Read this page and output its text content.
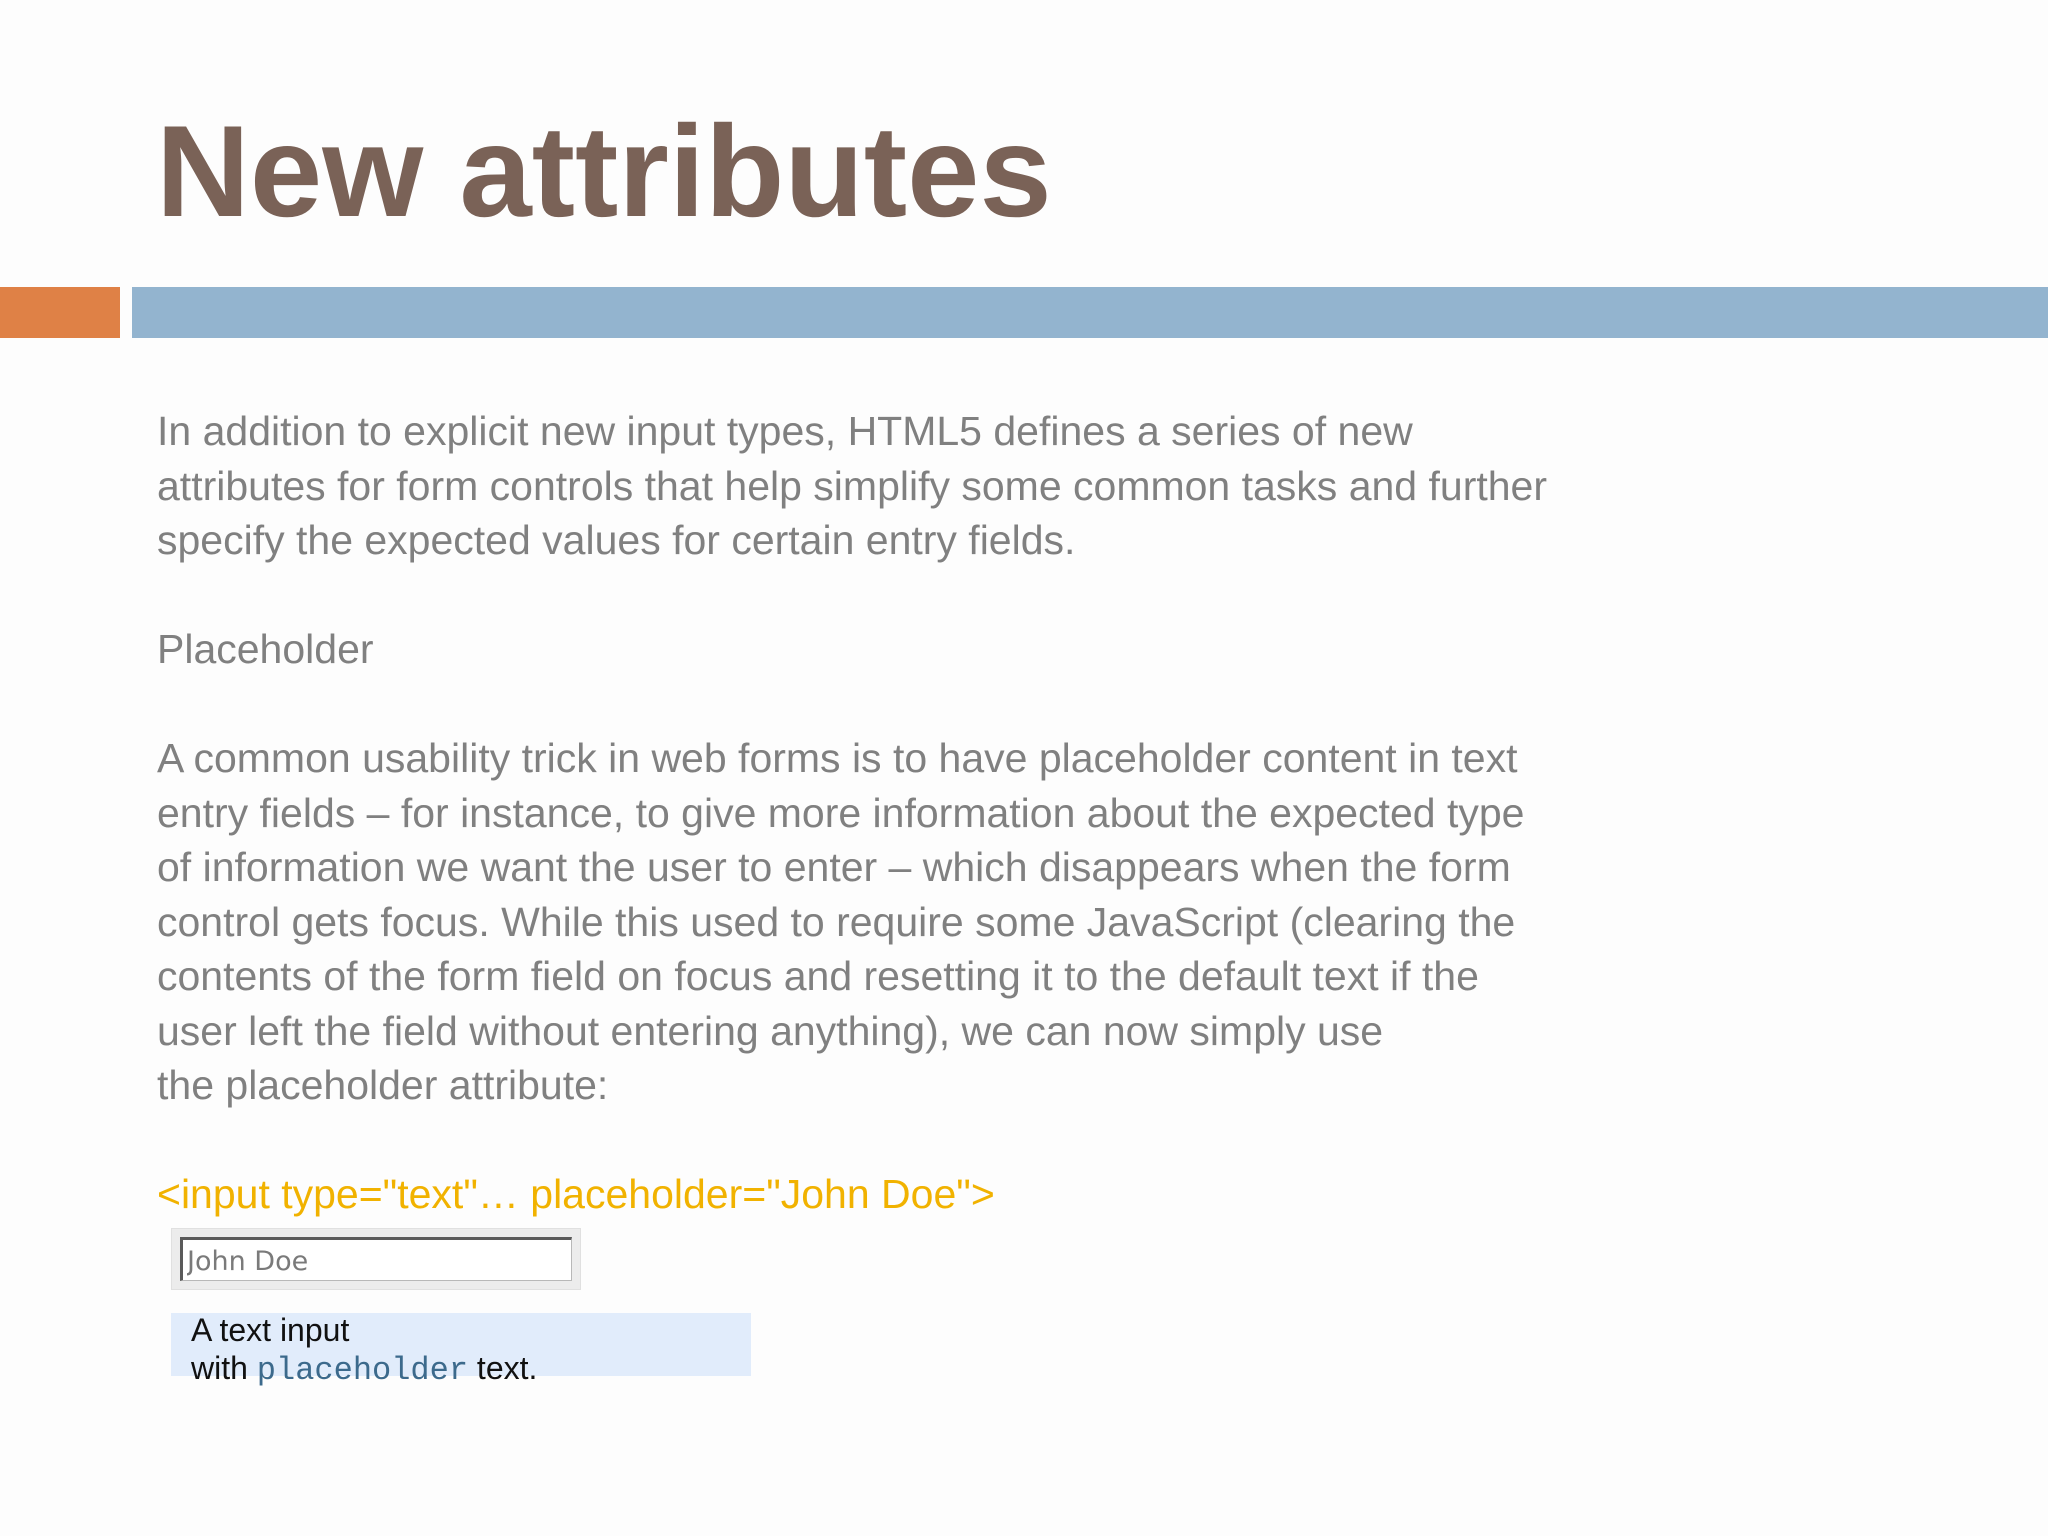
New attributes

In addition to explicit new input types, HTML5 defines a series of new

attributes for form controls that help simplify some common tasks and further

specify the expected values for certain entry fields.

Placeholder

A common usability trick in web forms is to have placeholder content in text

entry fields – for instance, to give more information about the expected type

of information we want the user to enter – which disappears when the form

control gets focus. While this used to require some JavaScript (clearing the

contents of the form field on focus and resetting it to the default text if the

user left the field without entering anything), we can now simply use

the placeholder attribute:

<input type="text"… placeholder="John Doe">

John Doe
A text input
with placeholder text.
